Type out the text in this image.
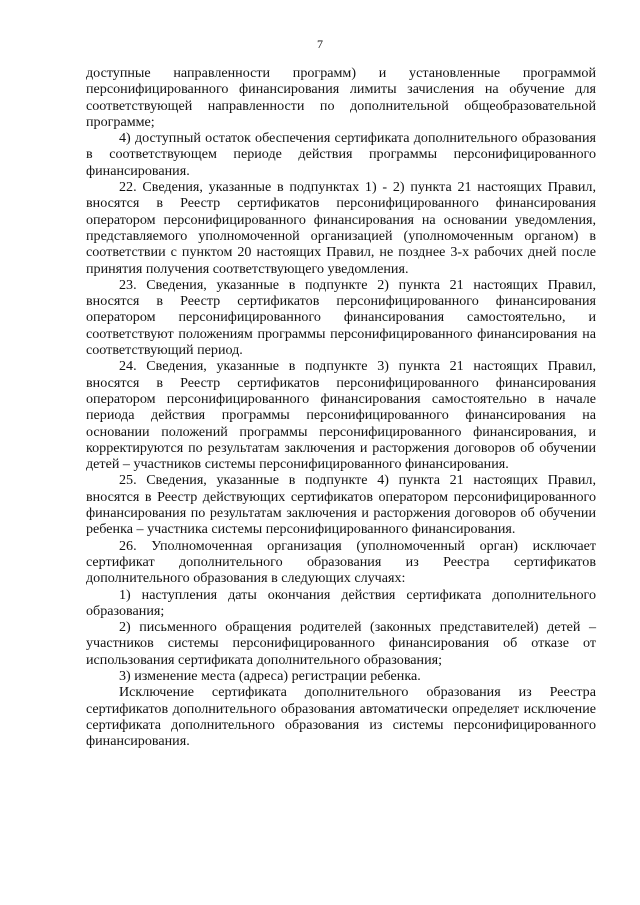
7

доступные направленности программ) и установленные программой персонифицированного финансирования лимиты зачисления на обучение для соответствующей направленности по дополнительной общеобразовательной программе;

4) доступный остаток обеспечения сертификата дополнительного образования в соответствующем периоде действия программы персонифицированного финансирования.

22. Сведения, указанные в подпунктах 1) - 2) пункта 21 настоящих Правил, вносятся в Реестр сертификатов персонифицированного финансирования оператором персонифицированного финансирования на основании уведомления, представляемого уполномоченной организацией (уполномоченным органом) в соответствии с пунктом 20 настоящих Правил, не позднее 3-х рабочих дней после принятия получения соответствующего уведомления.

23. Сведения, указанные в подпункте 2) пункта 21 настоящих Правил, вносятся в Реестр сертификатов персонифицированного финансирования оператором персонифицированного финансирования самостоятельно, и соответствуют положениям программы персонифицированного финансирования на соответствующий период.

24. Сведения, указанные в подпункте 3) пункта 21 настоящих Правил, вносятся в Реестр сертификатов персонифицированного финансирования оператором персонифицированного финансирования самостоятельно в начале периода действия программы персонифицированного финансирования на основании положений программы персонифицированного финансирования, и корректируются по результатам заключения и расторжения договоров об обучении детей – участников системы персонифицированного финансирования.

25. Сведения, указанные в подпункте 4) пункта 21 настоящих Правил, вносятся в Реестр действующих сертификатов оператором персонифицированного финансирования по результатам заключения и расторжения договоров об обучении ребенка – участника системы персонифицированного финансирования.

26. Уполномоченная организация (уполномоченный орган) исключает сертификат дополнительного образования из Реестра сертификатов дополнительного образования в следующих случаях:

1) наступления даты окончания действия сертификата дополнительного образования;

2) письменного обращения родителей (законных представителей) детей – участников системы персонифицированного финансирования об отказе от использования сертификата дополнительного образования;

3) изменение места (адреса) регистрации ребенка.

Исключение сертификата дополнительного образования из Реестра сертификатов дополнительного образования автоматически определяет исключение сертификата дополнительного образования из системы персонифицированного финансирования.
